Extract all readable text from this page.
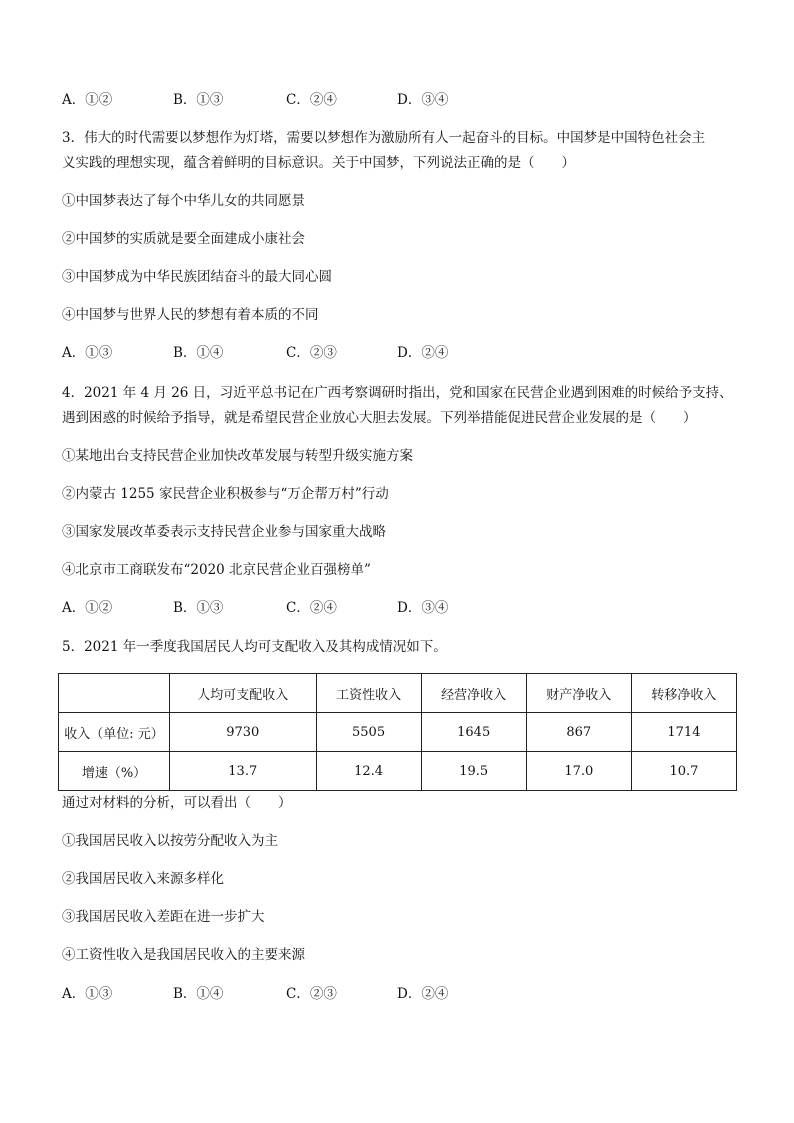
A．①②	B．①③	C．②④	D．③④
3．伟大的时代需要以梦想作为灯塔，需要以梦想作为激励所有人一起奋斗的目标。中国梦是中国特色社会主
义实践的理想实现，蕴含着鲜明的目标意识。关于中国梦，下列说法正确的是（　　）
①中国梦表达了每个中华儿女的共同愿景
②中国梦的实质就是要全面建成小康社会
③中国梦成为中华民族团结奋斗的最大同心圆
④中国梦与世界人民的梦想有着本质的不同
A．①③	B．①④	C．②③	D．②④
4．2021 年 4 月 26 日，习近平总书记在广西考察调研时指出，党和国家在民营企业遇到困难的时候给予支持、
遇到困惑的时候给予指导，就是希望民营企业放心大胆去发展。下列举措能促进民营企业发展的是（　　）
①某地出台支持民营企业加快改革发展与转型升级实施方案
②内蒙古 1255 家民营企业积极参与“万企帮万村”行动
③国家发展改革委表示支持民营企业参与国家重大战略
④北京市工商联发布“2020 北京民营企业百强榜单”
A．①②	B．①③	C．②④	D．③④
5．2021 年一季度我国居民人均可支配收入及其构成情况如下。
	人均可支配收入	工资性收入	经营净收入	财产净收入	转移净收入
收入（单位: 元）	9730	5505	1645	867	1714
增速（%）	13.7	12.4	19.5	17.0	10.7
通过对材料的分析，可以看出（　　）
①我国居民收入以按劳分配收入为主
②我国居民收入来源多样化
③我国居民收入差距在进一步扩大
④工资性收入是我国居民收入的主要来源
A．①③	B．①④	C．②③	D．②④
